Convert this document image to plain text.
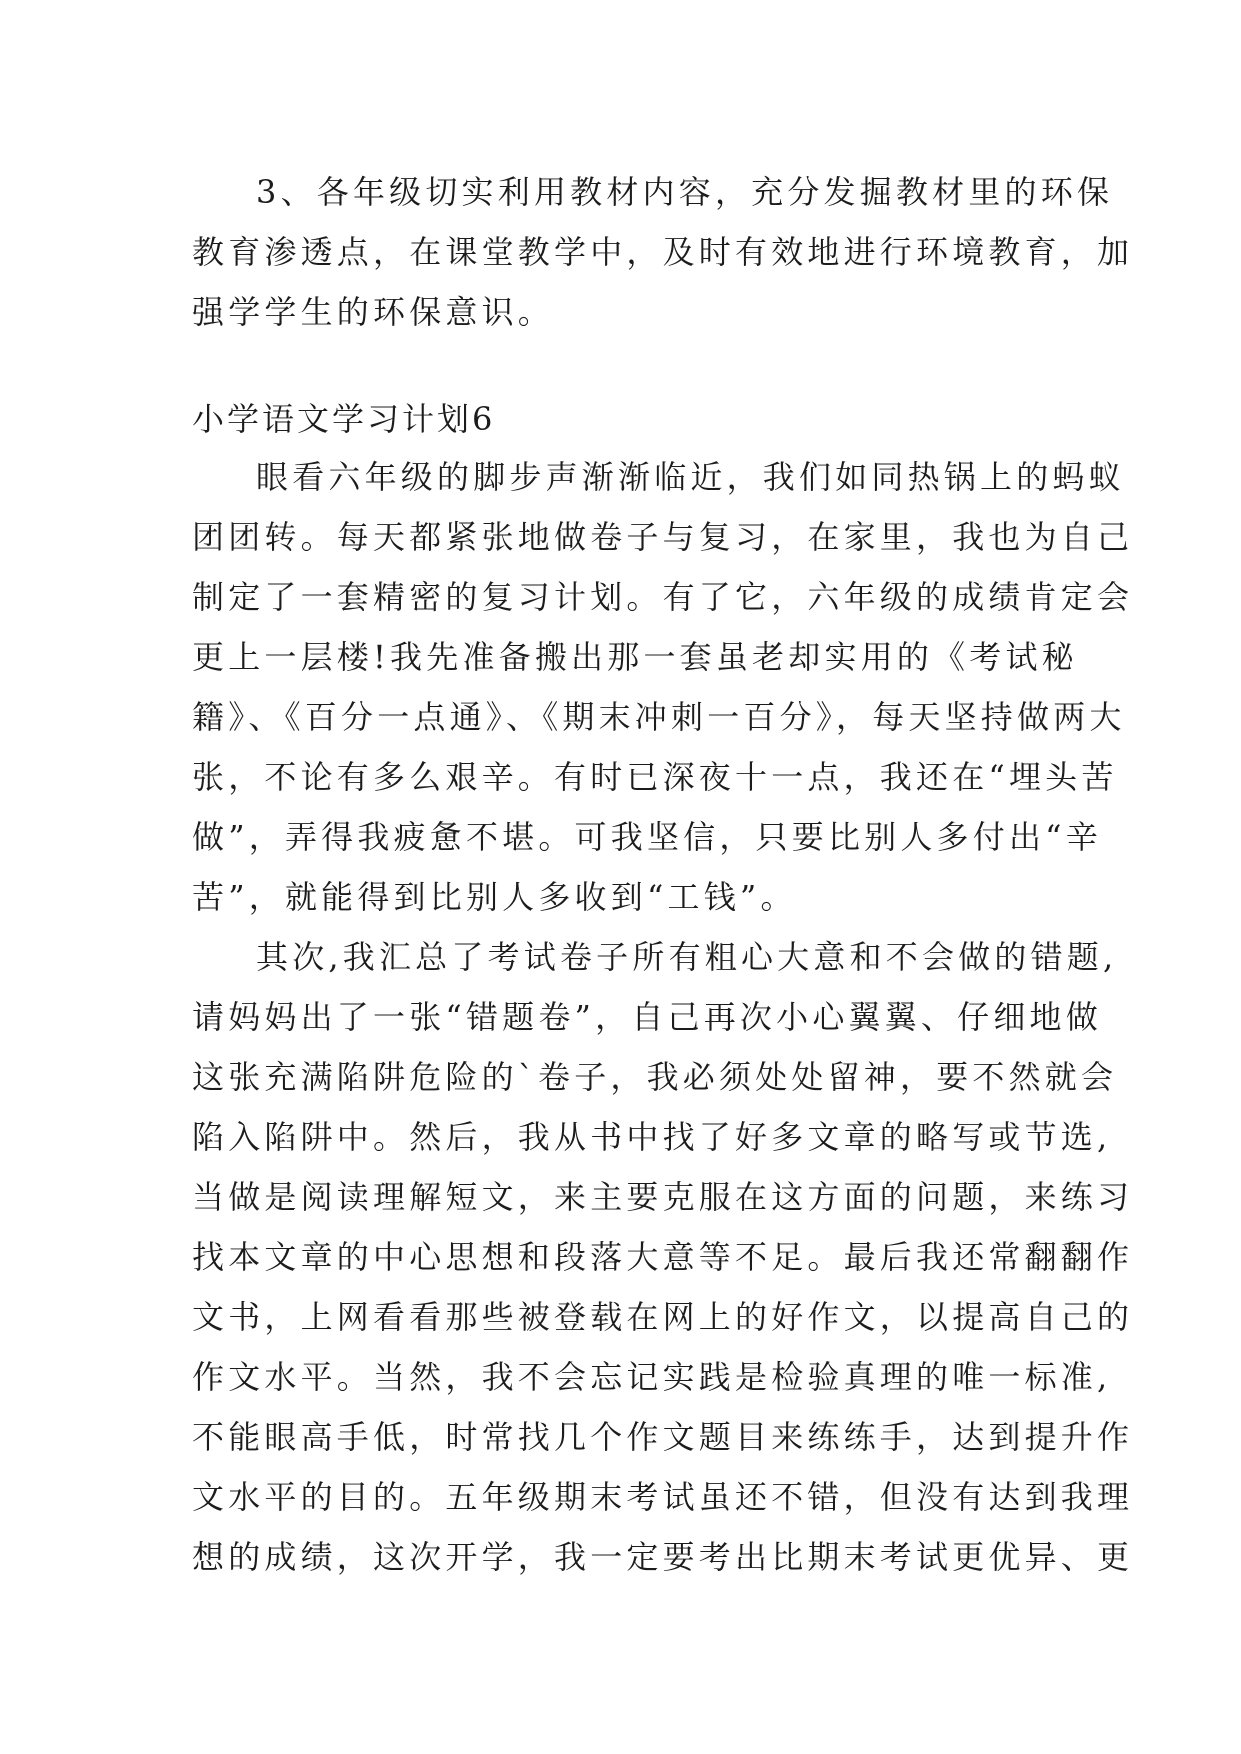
3、各年级切实利用教材内容，充分发掘教材里的环保

教育渗透点，在课堂教学中，及时有效地进行环境教育，加

强学学生的环保意识。

小学语文学习计划6

眼看六年级的脚步声渐渐临近，我们如同热锅上的蚂蚁

团团转。每天都紧张地做卷子与复习，在家里，我也为自己

制定了一套精密的复习计划。有了它，六年级的成绩肯定会

更上一层楼!我先准备搬出那一套虽老却实用的《考试秘

籍》、《百分一点通》、《期末冲刺一百分》，每天坚持做两大

张，不论有多么艰辛。有时已深夜十一点，我还在“埋头苦

做”，弄得我疲惫不堪。可我坚信，只要比别人多付出“辛

苦”，就能得到比别人多收到“工钱”。

其次,我汇总了考试卷子所有粗心大意和不会做的错题,

请妈妈出了一张“错题卷”，自己再次小心翼翼、仔细地做

这张充满陷阱危险的`卷子，我必须处处留神，要不然就会

陷入陷阱中。然后，我从书中找了好多文章的略写或节选,

当做是阅读理解短文，来主要克服在这方面的问题，来练习

找本文章的中心思想和段落大意等不足。最后我还常翻翻作

文书，上网看看那些被登载在网上的好作文，以提高自己的

作文水平。当然，我不会忘记实践是检验真理的唯一标准,

不能眼高手低，时常找几个作文题目来练练手，达到提升作

文水平的目的。五年级期末考试虽还不错，但没有达到我理

想的成绩，这次开学，我一定要考出比期末考试更优异、更
